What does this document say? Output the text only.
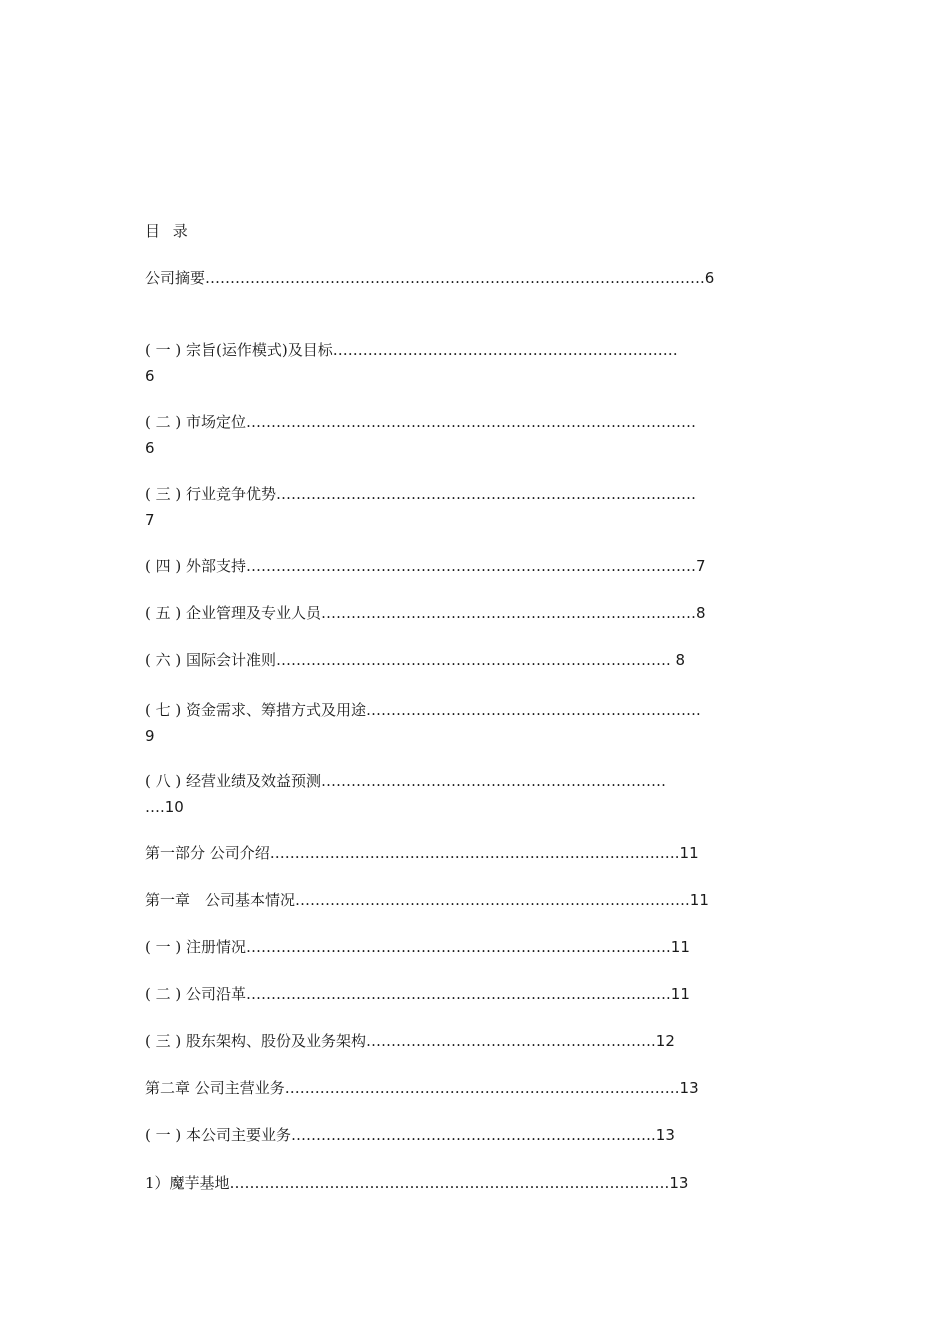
目 录
公司摘要……………………………………………………………………………………….6
( 一 ) 宗旨(运作模式)及目标……………………………………………………………
6
( 二 ) 市场定位………………………………………………………………………………
6
( 三 ) 行业竞争优势…………………………………………………………………………
7
( 四 ) 外部支持………………………………………………………………………………7
( 五 ) 企业管理及专业人员…………………………………………………………………8
( 六 ) 国际会计准则……………………………………………………………………. 8
( 七 ) 资金需求、筹措方式及用途………………………………………………………….
9
( 八 ) 经营业绩及效益预测……………………………………………………………
….10
第一部分 公司介绍……………………………………………………………………….11
第一章　公司基本情况…………………………………………………………………….11
( 一 ) 注册情况………………………………………………………………………….11
( 二 ) 公司沿革………………………………………………………………………….11
( 三 ) 股东架构、股份及业务架构………………………………………………….12
第二章 公司主营业务…………………………………………………………………….13
( 一 ) 本公司主要业务……………………………………………………………….13
1）魔芋基地…………………………………………………………………………….13
